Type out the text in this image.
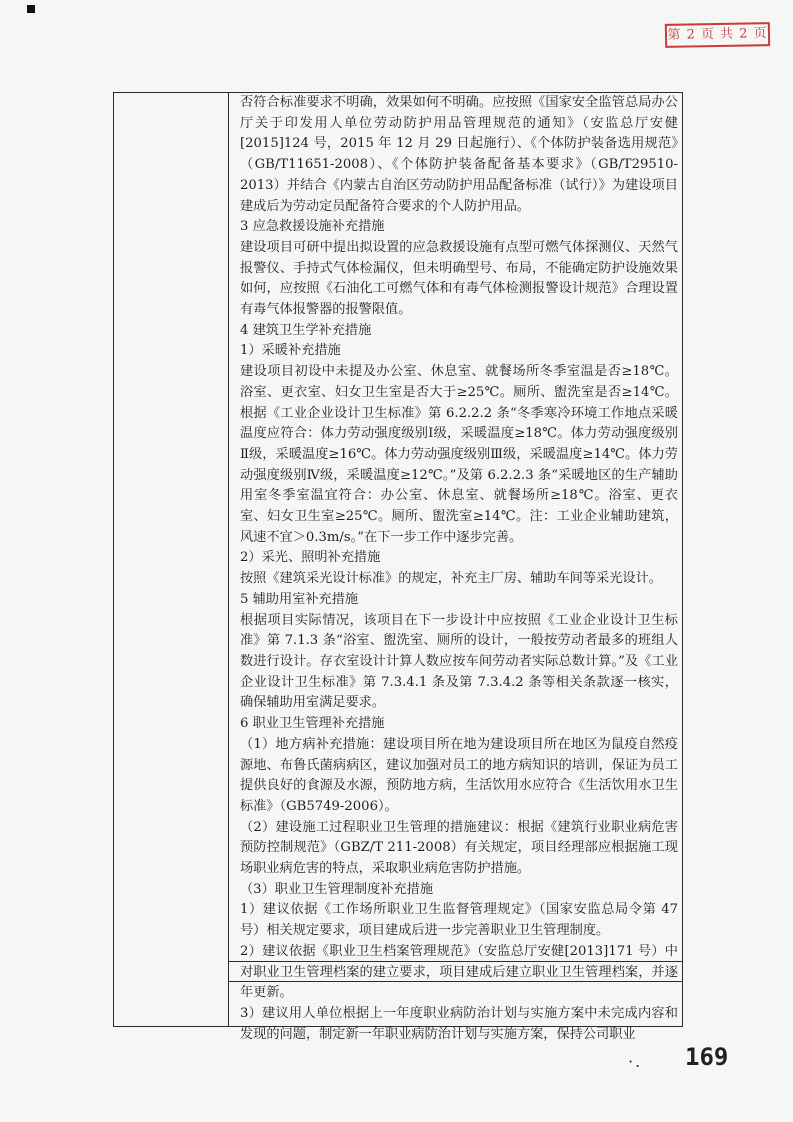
第 2 页 共 2 页

否符合标准要求不明确，效果如何不明确。应按照《国家安全监管总局办公厅关于印发用人单位劳动防护用品管理规范的通知》（安监总厅安健[2015]124 号，2015 年 12 月 29 日起施行）、《个体防护装备选用规范》（GB/T11651-2008）、《个体防护装备配备基本要求》（GB/T29510-2013）并结合《内蒙古自治区劳动防护用品配备标准（试行）》为建设项目建成后为劳动定员配备符合要求的个人防护用品。

3 应急救援设施补充措施

建设项目可研中提出拟设置的应急救援设施有点型可燃气体探测仪、天然气报警仪、手持式气体检漏仪，但未明确型号、布局，不能确定防护设施效果如何，应按照《石油化工可燃气体和有毒气体检测报警设计规范》合理设置有毒气体报警器的报警限值。

4 建筑卫生学补充措施

1）采暖补充措施

建设项目初设中未提及办公室、休息室、就餐场所冬季室温是否≥18℃。浴室、更衣室、妇女卫生室是否大于≥25℃。厕所、盥洗室是否≥14℃。根据《工业企业设计卫生标准》第 6.2.2.2 条“冬季寒冷环境工作地点采暖温度应符合：体力劳动强度级别Ⅰ级，采暖温度≥18℃。体力劳动强度级别Ⅱ级，采暖温度≥16℃。体力劳动强度级别Ⅲ级，采暖温度≥14℃。体力劳动强度级别Ⅳ级，采暖温度≥12℃。”及第 6.2.2.3 条“采暖地区的生产辅助用室冬季室温宜符合：办公室、休息室、就餐场所≥18℃。浴室、更衣室、妇女卫生室≥25℃。厕所、盥洗室≥14℃。注：工业企业辅助建筑，风速不宜＞0.3m/s。”在下一步工作中逐步完善。

2）采光、照明补充措施

按照《建筑采光设计标准》的规定，补充主厂房、辅助车间等采光设计。

5 辅助用室补充措施

根据项目实际情况，该项目在下一步设计中应按照《工业企业设计卫生标准》第 7.1.3 条“浴室、盥洗室、厕所的设计，一般按劳动者最多的班组人数进行设计。存衣室设计计算人数应按车间劳动者实际总数计算。”及《工业企业设计卫生标准》第 7.3.4.1 条及第 7.3.4.2 条等相关条款逐一核实，确保辅助用室满足要求。

6 职业卫生管理补充措施

（1）地方病补充措施：建设项目所在地为建设项目所在地区为鼠疫自然疫源地、布鲁氏菌病病区，建议加强对员工的地方病知识的培训，保证为员工提供良好的食源及水源，预防地方病，生活饮用水应符合《生活饮用水卫生标准》（GB5749-2006）。

（2）建设施工过程职业卫生管理的措施建议：根据《建筑行业职业病危害预防控制规范》（GBZ/T 211-2008）有关规定，项目经理部应根据施工现场职业病危害的特点，采取职业病危害防护措施。

（3）职业卫生管理制度补充措施

1）建议依据《工作场所职业卫生监督管理规定》（国家安监总局令第 47 号）相关规定要求，项目建成后进一步完善职业卫生管理制度。

2）建议依据《职业卫生档案管理规范》（安监总厅安健[2013]171 号）中对职业卫生管理档案的建立要求，项目建成后建立职业卫生管理档案，并逐年更新。

3）建议用人单位根据上一年度职业病防治计划与实施方案中未完成内容和发现的问题，制定新一年职业病防治计划与实施方案，保持公司职业

·. 169
